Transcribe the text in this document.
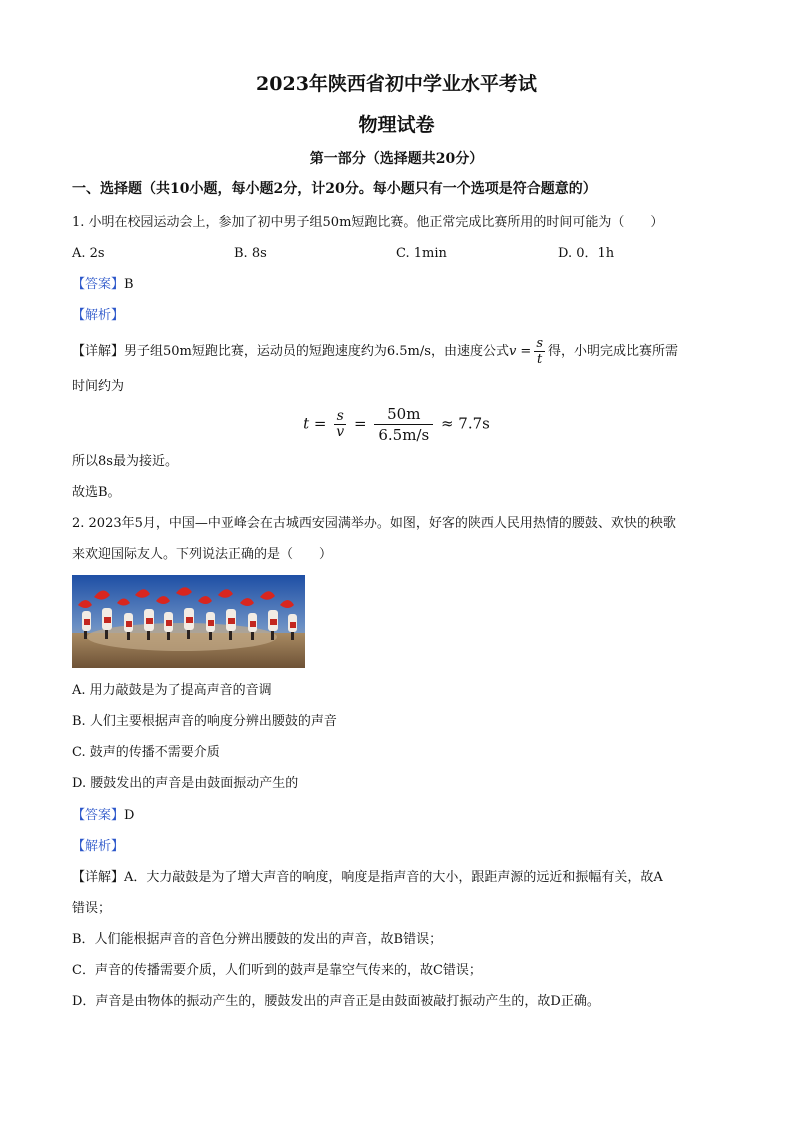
2023年陕西省初中学业水平考试
物理试卷
第一部分（选择题共20分）
一、选择题（共10小题，每小题2分，计20分。每小题只有一个选项是符合题意的）
1. 小明在校园运动会上，参加了初中男子组50m短跑比赛。他正常完成比赛所用的时间可能为（　　）
A. 2s	B. 8s	C. 1min	D. 0．1h
【答案】B
【解析】
【详解】男子组50m短跑比赛，运动员的短跑速度约为6.5m/s，由速度公式$v = \frac{s}{t}$ 得，小明完成比赛所需
时间约为
$t = \frac{s}{v} = \frac{50m}{6.5m/s} \approx 7.7s$
所以8s最为接近。
故选B。
2. 2023年5月，中国—中亚峰会在古城西安园满举办。如图，好客的陕西人民用热情的腰鼓、欢快的秧歌
来欢迎国际友人。下列说法正确的是（　　）
A. 用力敲鼓是为了提高声音的音调
B. 人们主要根据声音的响度分辨出腰鼓的声音
C. 鼓声的传播不需要介质
D. 腰鼓发出的声音是由鼓面振动产生的
【答案】D
【解析】
【详解】A．大力敲鼓是为了增大声音的响度，响度是指声音的大小，跟距声源的远近和振幅有关，故A
错误；
B．人们能根据声音的音色分辨出腰鼓的发出的声音，故B错误；
C．声音的传播需要介质，人们听到的鼓声是靠空气传来的，故C错误；
D．声音是由物体的振动产生的，腰鼓发出的声音正是由鼓面被敲打振动产生的，故D正确。
